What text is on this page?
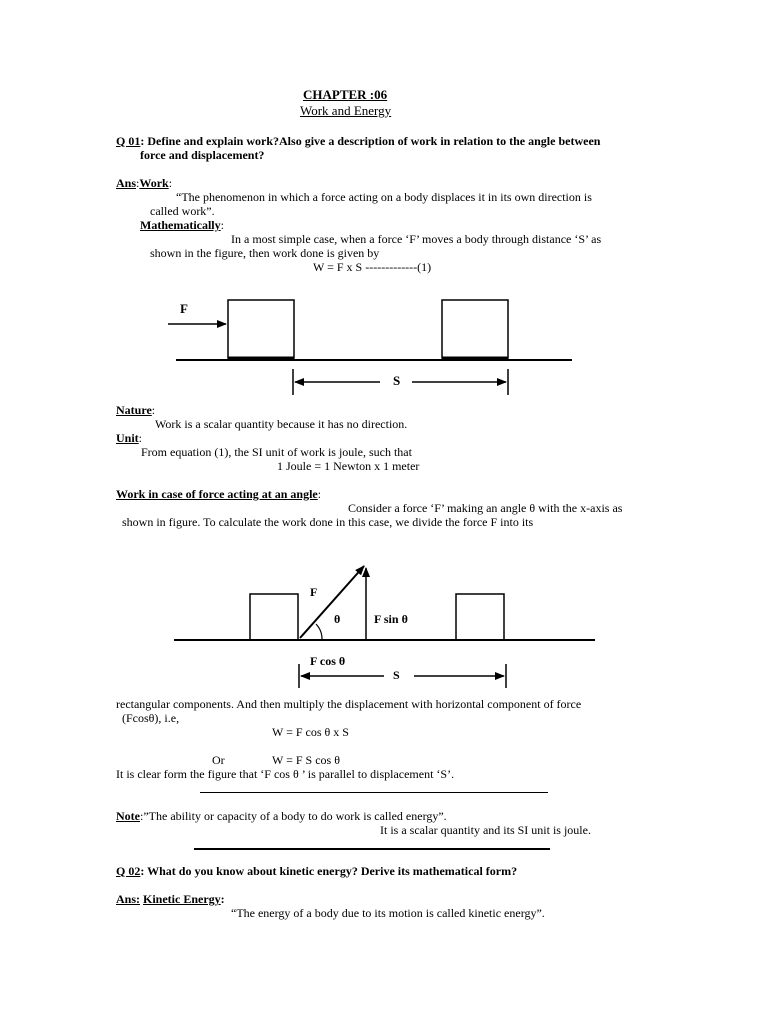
CHAPTER :06
Work and Energy
Q 01: Define and explain work?Also give a description of work in relation to the angle between
force and displacement?
Ans:Work:
“The phenomenon in which a force acting on a body displaces it in its own direction is
called work”.
Mathematically:
In a most simple case, when a force ‘F’ moves a body through distance ‘S’ as
shown in the figure, then work done is given by
W = F x S -------------(1)
F
S
Nature:
Work is a scalar quantity because it has no direction.
Unit:
From equation (1), the SI unit of work is joule, such that
1 Joule = 1 Newton x 1 meter
Work in case of force acting at an angle:
Consider a force ‘F’ making an angle θ with the x-axis as
shown in figure. To calculate the work done in this case, we divide the force F into its
F
θ	F sin θ
F cos θ
S
rectangular components. And then multiply the displacement with horizontal component of force
(Fcosθ), i.e,
W = F cos θ x S
Or	W = F S cos θ
It is clear form the figure that ‘F cos θ ’ is parallel to displacement ‘S’.
Note:”The ability or capacity of a body to do work is called energy”.
It is a scalar quantity and its SI unit is joule.
Q 02: What do you know about kinetic energy? Derive its mathematical form?
Ans: Kinetic Energy:
“The energy of a body due to its motion is called kinetic energy”.
